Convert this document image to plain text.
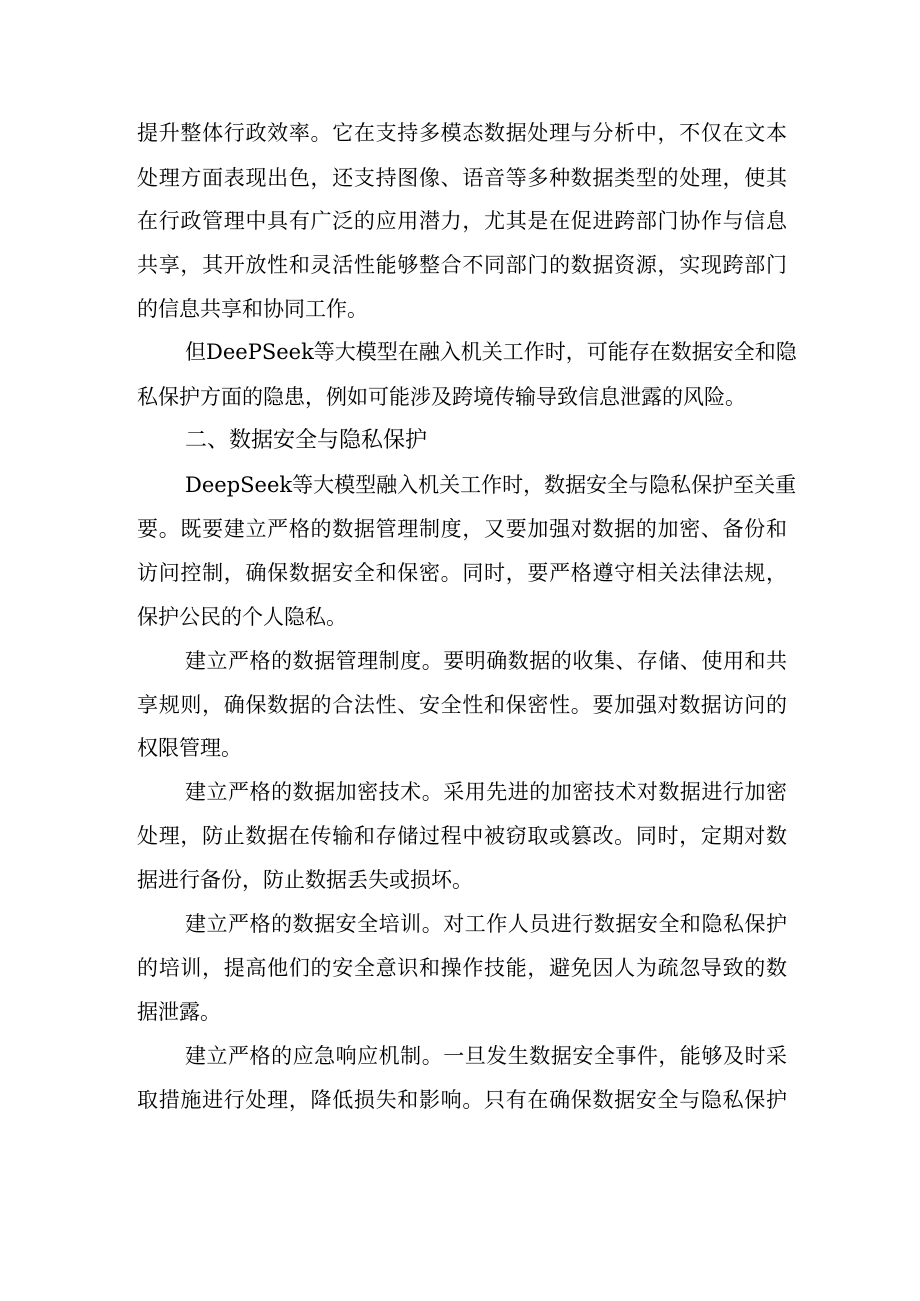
提升整体行政效率。它在支持多模态数据处理与分析中，不仅在文本
处理方面表现出色，还支持图像、语音等多种数据类型的处理，使其
在行政管理中具有广泛的应用潜力，尤其是在促进跨部门协作与信息
共享，其开放性和灵活性能够整合不同部门的数据资源，实现跨部门
的信息共享和协同工作。
但DeePSeek等大模型在融入机关工作时，可能存在数据安全和隐
私保护方面的隐患，例如可能涉及跨境传输导致信息泄露的风险。
二、数据安全与隐私保护
DeepSeek等大模型融入机关工作时，数据安全与隐私保护至关重
要。既要建立严格的数据管理制度，又要加强对数据的加密、备份和
访问控制，确保数据安全和保密。同时，要严格遵守相关法律法规，
保护公民的个人隐私。
建立严格的数据管理制度。要明确数据的收集、存储、使用和共
享规则，确保数据的合法性、安全性和保密性。要加强对数据访问的
权限管理。
建立严格的数据加密技术。采用先进的加密技术对数据进行加密
处理，防止数据在传输和存储过程中被窃取或篡改。同时，定期对数
据进行备份，防止数据丢失或损坏。
建立严格的数据安全培训。对工作人员进行数据安全和隐私保护
的培训，提高他们的安全意识和操作技能，避免因人为疏忽导致的数
据泄露。
建立严格的应急响应机制。一旦发生数据安全事件，能够及时采
取措施进行处理，降低损失和影响。只有在确保数据安全与隐私保护
